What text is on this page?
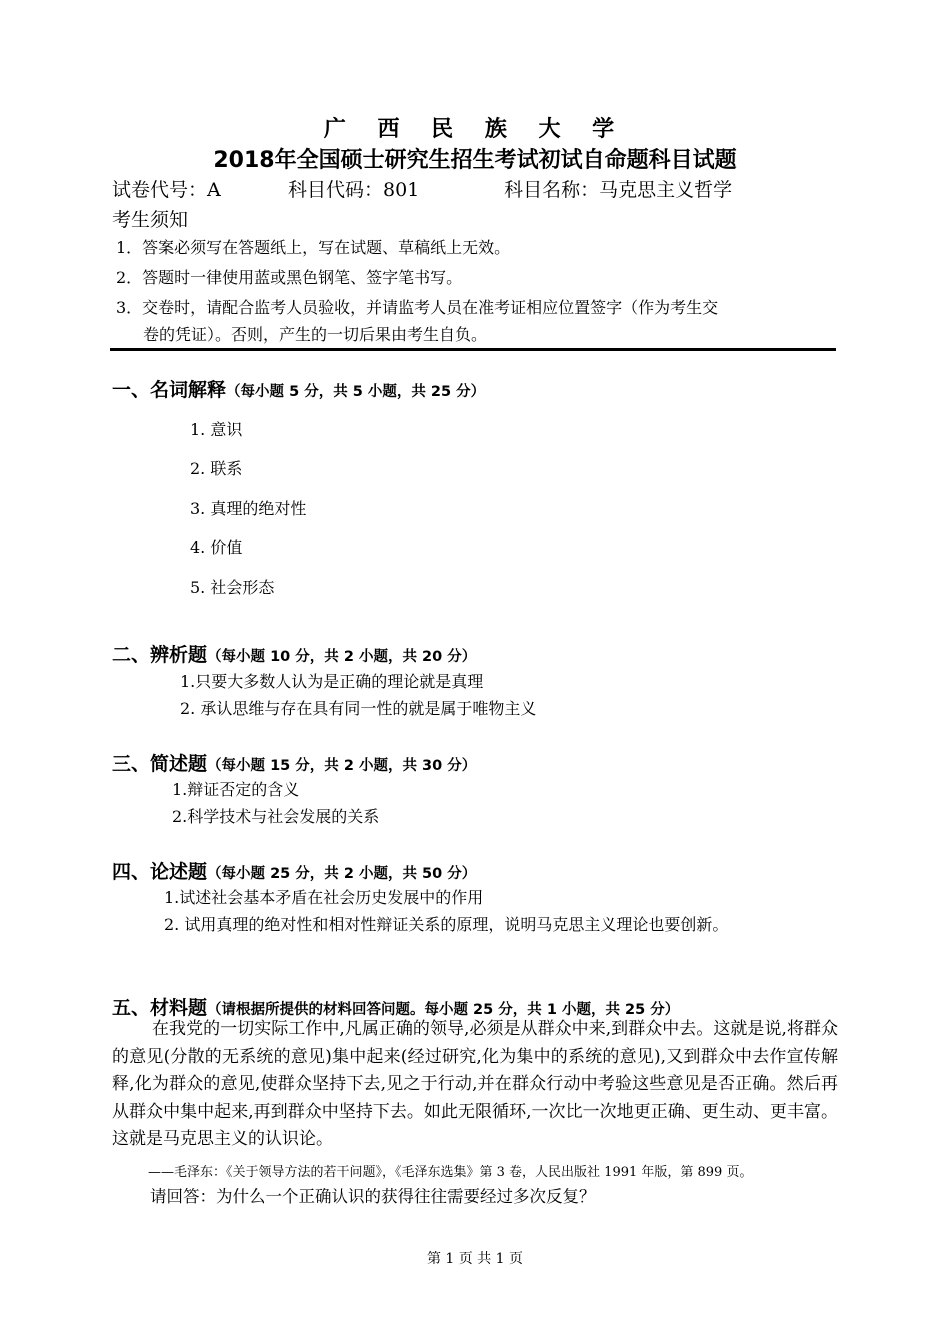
广 西 民 族 大 学
2018年全国硕士研究生招生考试初试自命题科目试题
试卷代号：A	科目代码：801	科目名称：马克思主义哲学
考生须知
1．答案必须写在答题纸上，写在试题、草稿纸上无效。
2．答题时一律使用蓝或黑色钢笔、签字笔书写。
3．交卷时，请配合监考人员验收，并请监考人员在准考证相应位置签字（作为考生交
卷的凭证）。否则，产生的一切后果由考生自负。
一、名词解释（每小题 5 分，共 5 小题，共 25 分）
1. 意识
2. 联系
3. 真理的绝对性
4. 价值
5. 社会形态
二、辨析题（每小题 10 分，共 2 小题，共 20 分）
1.只要大多数人认为是正确的理论就是真理
2. 承认思维与存在具有同一性的就是属于唯物主义
三、简述题（每小题 15 分，共 2 小题，共 30 分）
1.辩证否定的含义
2.科学技术与社会发展的关系
四、论述题（每小题 25 分，共 2 小题，共 50 分）
1.试述社会基本矛盾在社会历史发展中的作用
2. 试用真理的绝对性和相对性辩证关系的原理，说明马克思主义理论也要创新。
五、材料题（请根据所提供的材料回答问题。每小题 25 分，共 1 小题，共 25 分）
在我党的一切实际工作中,凡属正确的领导,必须是从群众中来,到群众中去。这就是说,将群众的意见(分散的无系统的意见)集中起来(经过研究,化为集中的系统的意见),又到群众中去作宣传解释,化为群众的意见,使群众坚持下去,见之于行动,并在群众行动中考验这些意见是否正确。然后再从群众中集中起来,再到群众中坚持下去。如此无限循环,一次比一次地更正确、更生动、更丰富。这就是马克思主义的认识论。
——毛泽东：《关于领导方法的若干问题》，《毛泽东选集》第 3 卷，人民出版社 1991 年版，第 899 页。
请回答：为什么一个正确认识的获得往往需要经过多次反复？
第 1 页 共 1 页
